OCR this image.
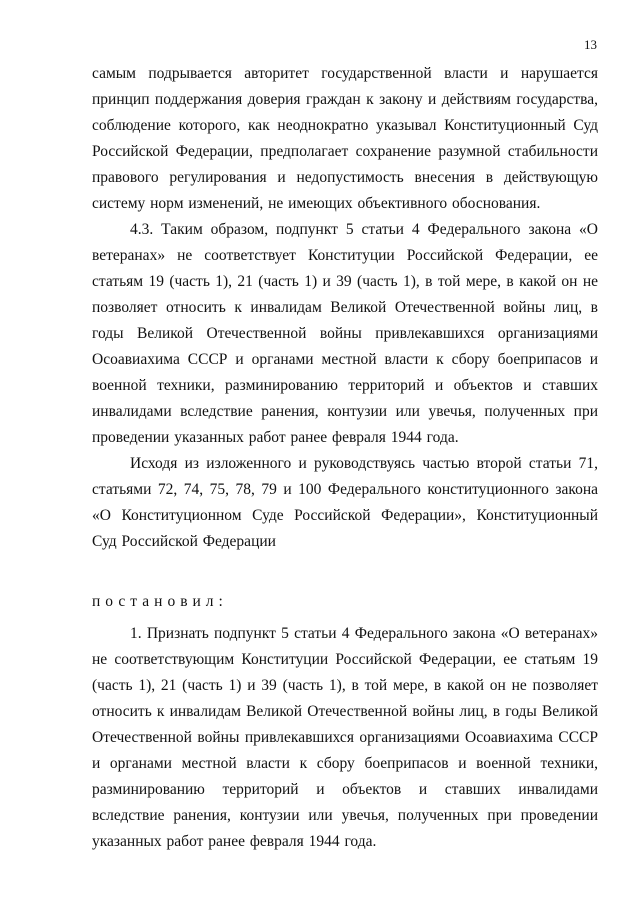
13

самым подрывается авторитет государственной власти и нарушается принцип поддержания доверия граждан к закону и действиям государства, соблюдение которого, как неоднократно указывал Конституционный Суд Российской Федерации, предполагает сохранение разумной стабильности правового регулирования и недопустимость внесения в действующую систему норм изменений, не имеющих объективного обоснования.

4.3. Таким образом, подпункт 5 статьи 4 Федерального закона «О ветеранах» не соответствует Конституции Российской Федерации, ее статьям 19 (часть 1), 21 (часть 1) и 39 (часть 1), в той мере, в какой он не позволяет относить к инвалидам Великой Отечественной войны лиц, в годы Великой Отечественной войны привлекавшихся организациями Осоавиахима СССР и органами местной власти к сбору боеприпасов и военной техники, разминированию территорий и объектов и ставших инвалидами вследствие ранения, контузии или увечья, полученных при проведении указанных работ ранее февраля 1944 года.

Исходя из изложенного и руководствуясь частью второй статьи 71, статьями 72, 74, 75, 78, 79 и 100 Федерального конституционного закона «О Конституционном Суде Российской Федерации», Конституционный Суд Российской Федерации

постановил:

1. Признать подпункт 5 статьи 4 Федерального закона «О ветеранах» не соответствующим Конституции Российской Федерации, ее статьям 19 (часть 1), 21 (часть 1) и 39 (часть 1), в той мере, в какой он не позволяет относить к инвалидам Великой Отечественной войны лиц, в годы Великой Отечественной войны привлекавшихся организациями Осоавиахима СССР и органами местной власти к сбору боеприпасов и военной техники, разминированию территорий и объектов и ставших инвалидами вследствие ранения, контузии или увечья, полученных при проведении указанных работ ранее февраля 1944 года.
